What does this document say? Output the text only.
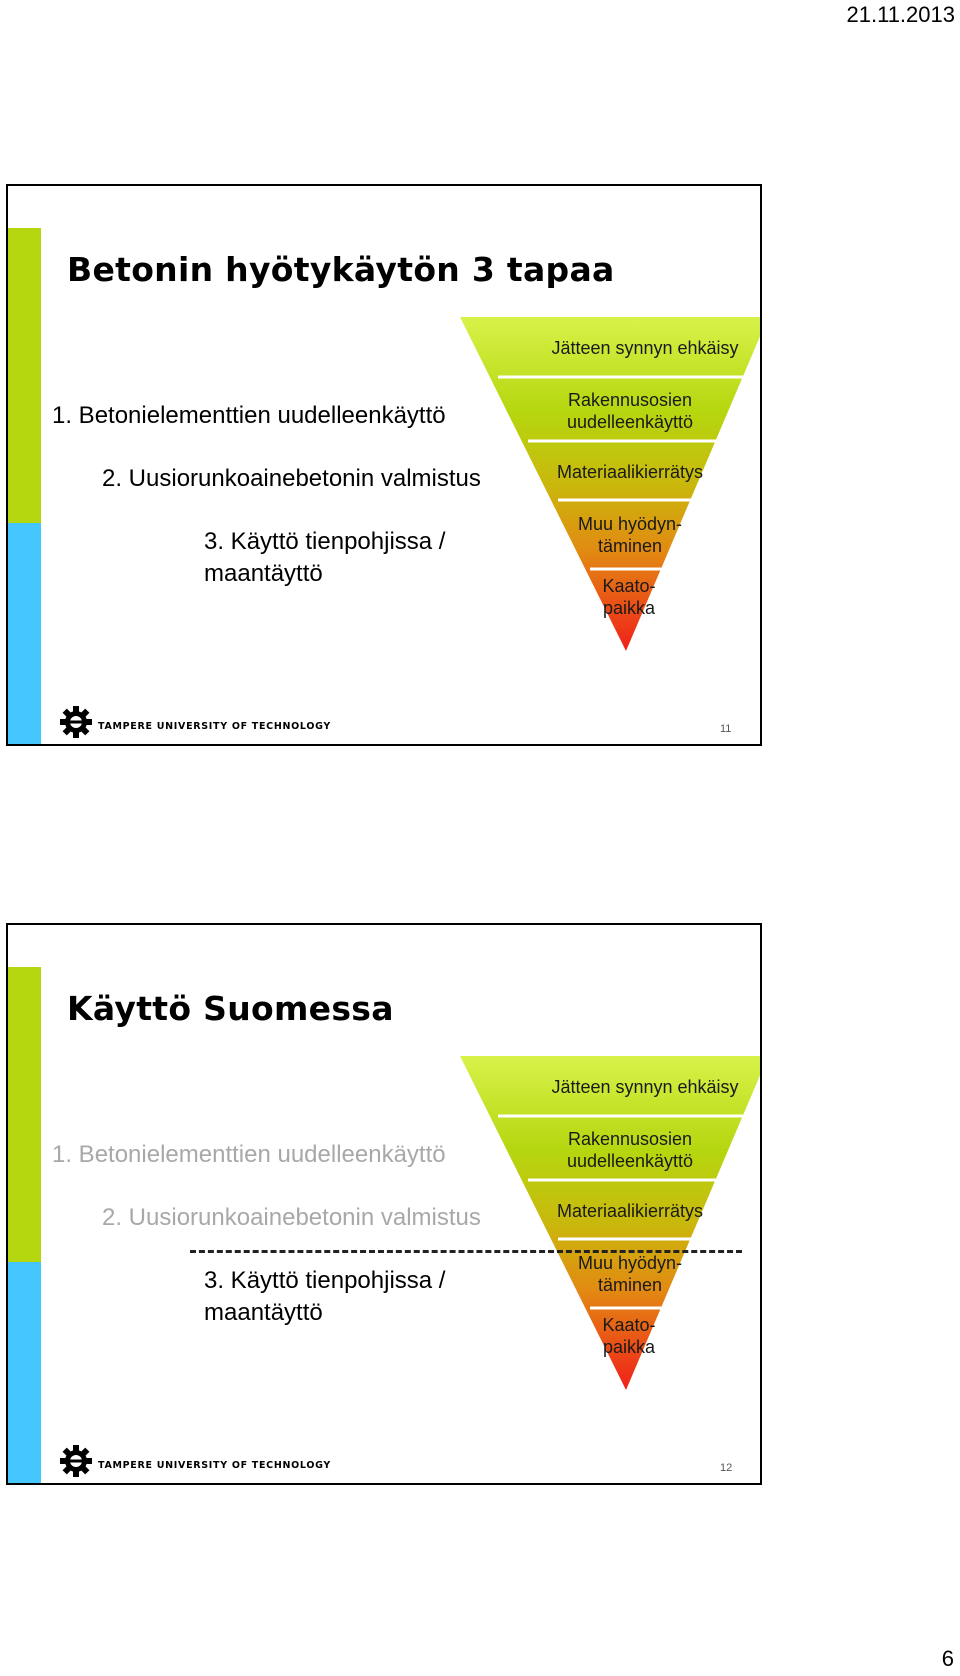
21.11.2013
Betonin hyötykäytön 3 tapaa
1. Betonielementtien uudelleenkäyttö
2. Uusiorunkoainebetonin valmistus
3. Käyttö tienpohjissa / maantäyttö
Jätteen synnyn ehkäisy
Rakennusosien uudelleenkäyttö
Materiaalikierrätys
Muu hyödyn-täminen
Kaato-paikka
TAMPERE UNIVERSITY OF TECHNOLOGY	11
Käyttö Suomessa
1. Betonielementtien uudelleenkäyttö
2. Uusiorunkoainebetonin valmistus
3. Käyttö tienpohjissa / maantäyttö
Jätteen synnyn ehkäisy
Rakennusosien uudelleenkäyttö
Materiaalikierrätys
Muu hyödyn-täminen
Kaato-paikka
TAMPERE UNIVERSITY OF TECHNOLOGY	12
6
